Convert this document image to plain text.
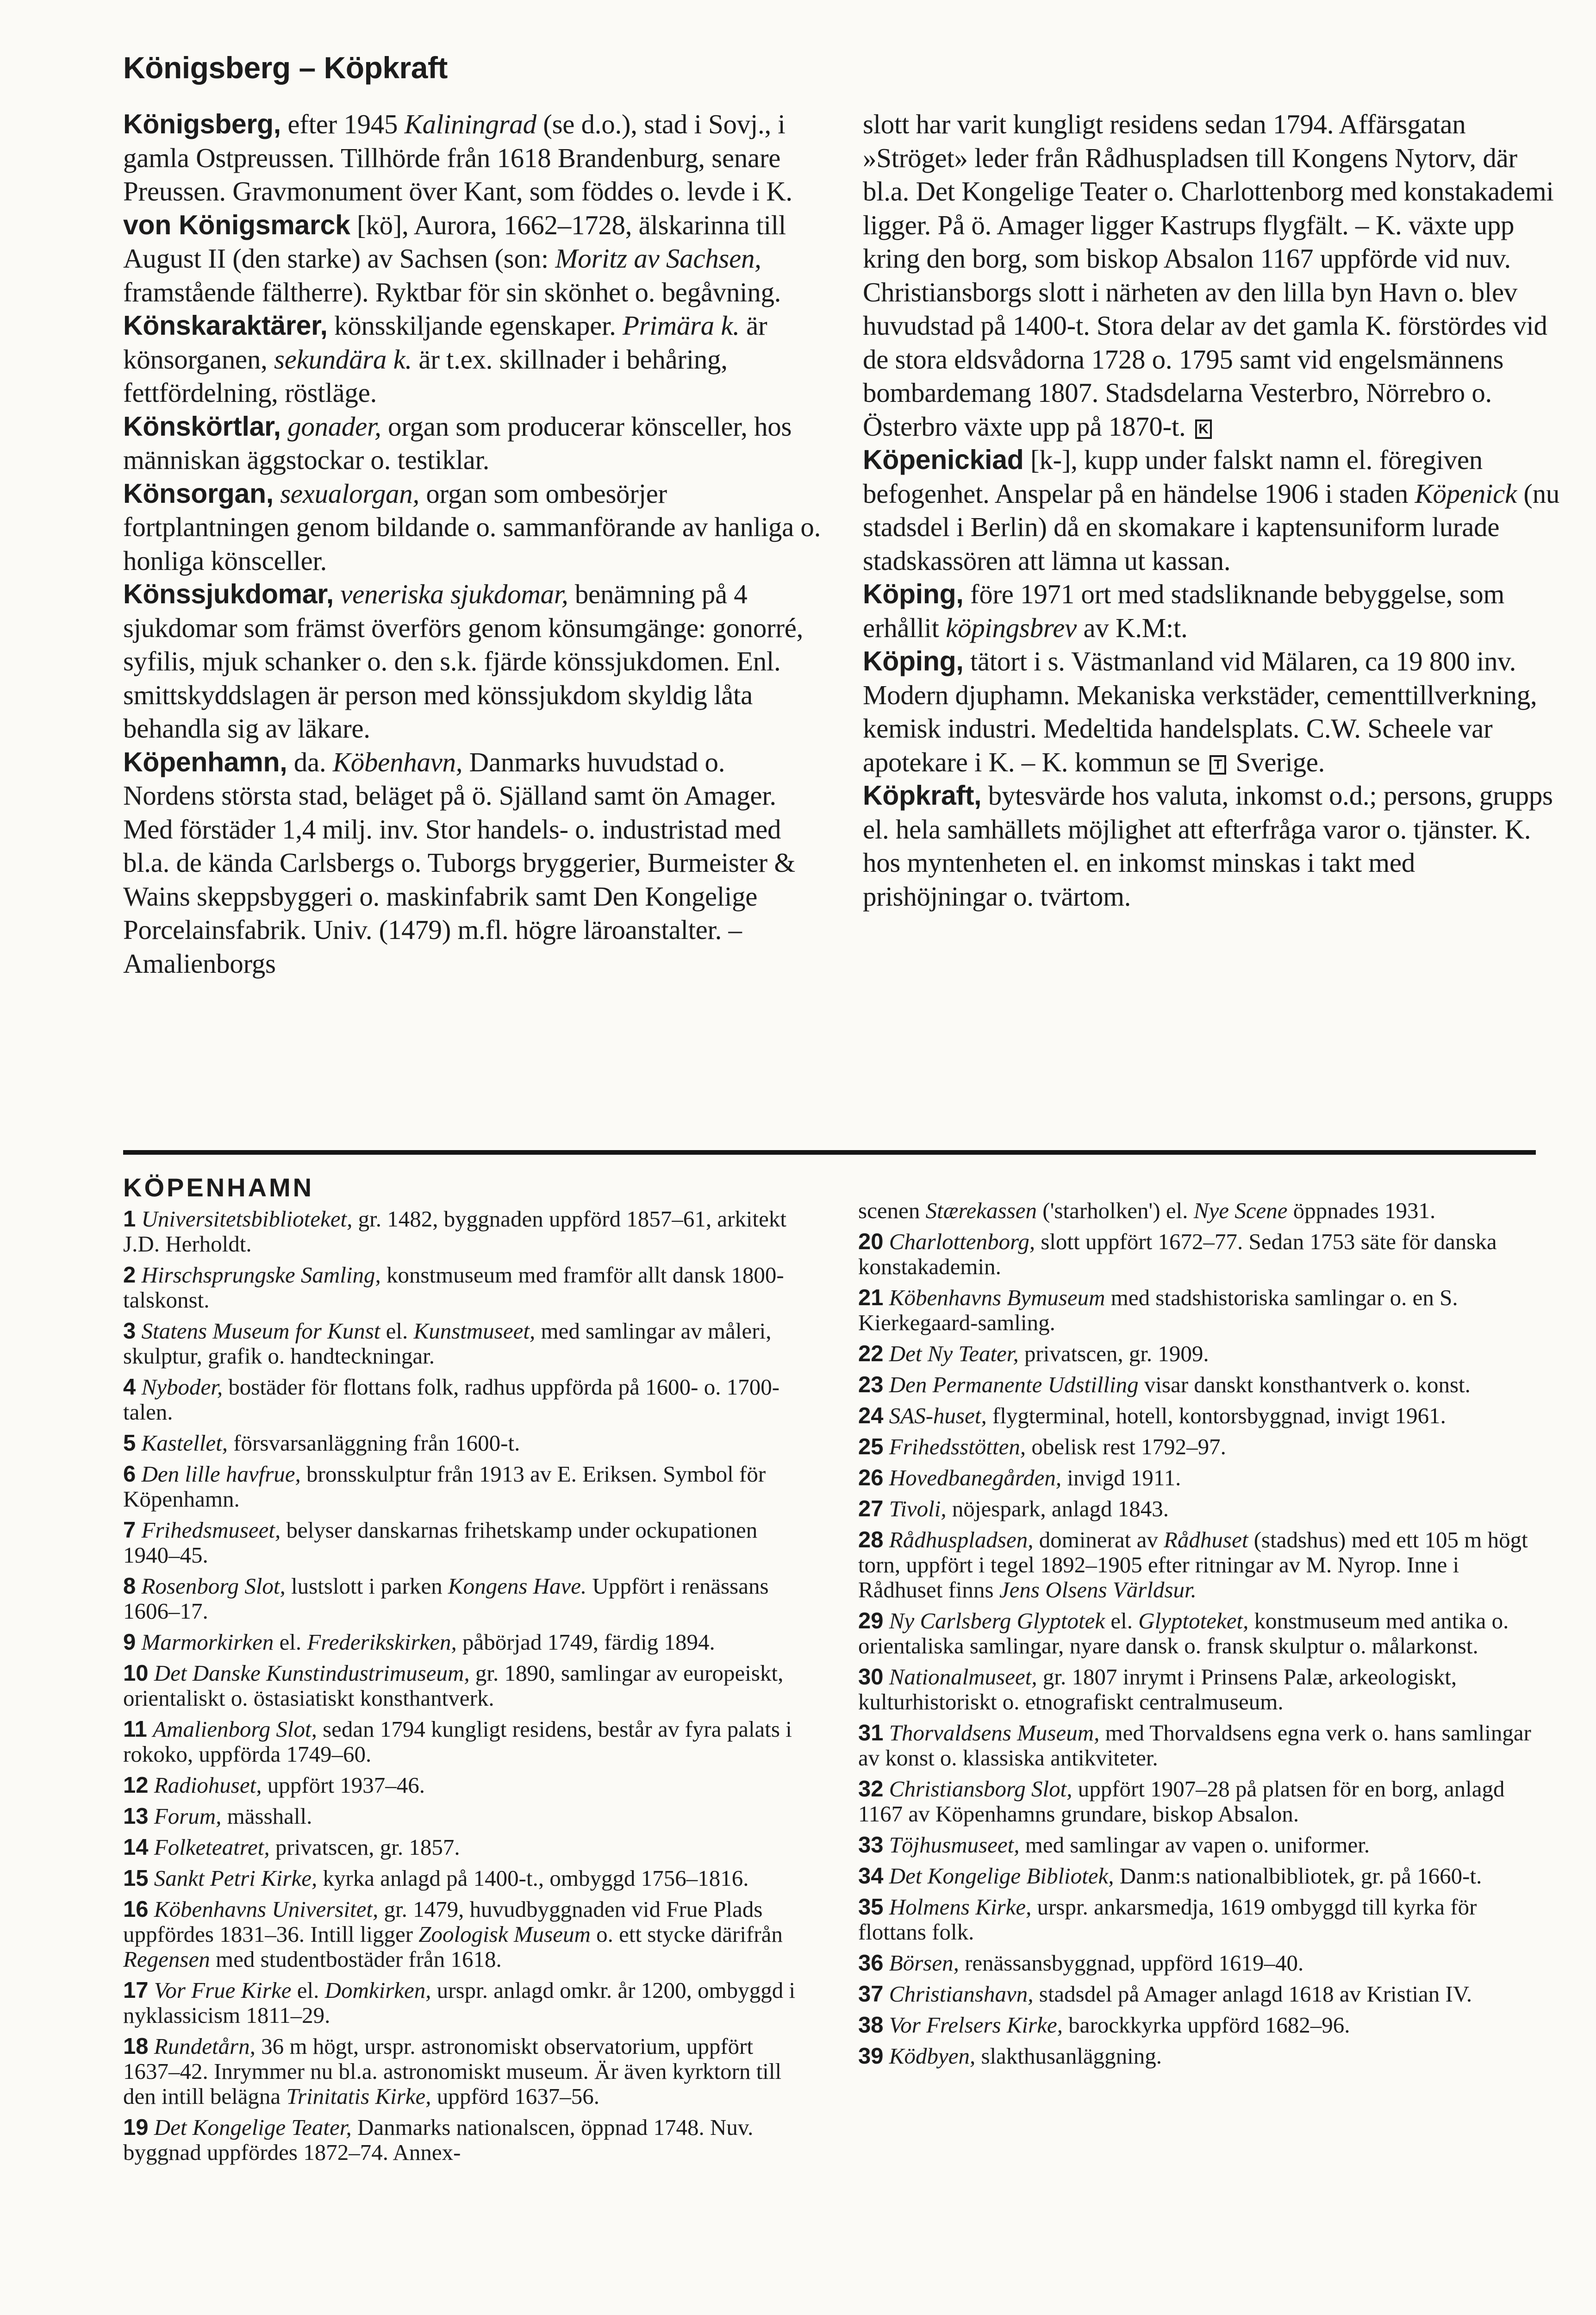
Königsberg – Köpkraft

Königsberg, efter 1945 Kaliningrad (se d.o.), stad i Sovj., i gamla Ostpreussen. Tillhörde från 1618 Brandenburg, senare Preussen. Gravmonument över Kant, som föddes o. levde i K.

von Königsmarck [kö], Aurora, 1662–1728, älskarinna till August II (den starke) av Sachsen (son: Moritz av Sachsen, framstående fältherre). Ryktbar för sin skönhet o. begåvning.

Könskaraktärer, könsskiljande egenskaper. Primära k. är könsorganen, sekundära k. är t.ex. skillnader i behåring, fettfördelning, röstläge.

Könskörtlar, gonader, organ som producerar könsceller, hos människan äggstockar o. testiklar.

Könsorgan, sexualorgan, organ som ombesörjer fortplantningen genom bildande o. sammanförande av hanliga o. honliga könsceller.

Könssjukdomar, veneriska sjukdomar, benämning på 4 sjukdomar som främst överförs genom könsumgänge: gonorré, syfilis, mjuk schanker o. den s.k. fjärde könssjukdomen. Enl. smittskyddslagen är person med könssjukdom skyldig låta behandla sig av läkare.

Köpenhamn, da. Köbenhavn, Danmarks huvudstad o. Nordens största stad, beläget på ö. Själland samt ön Amager. Med förstäder 1,4 milj. inv. Stor handels- o. industristad med bl.a. de kända Carlsbergs o. Tuborgs bryggerier, Burmeister & Wains skeppsbyggeri o. maskinfabrik samt Den Kongelige Porcelainsfabrik. Univ. (1479) m.fl. högre läroanstalter. – Amalienborgs

slott har varit kungligt residens sedan 1794. Affärsgatan »Ströget» leder från Rådhuspladsen till Kongens Nytorv, där bl.a. Det Kongelige Teater o. Charlottenborg med konstakademi ligger. På ö. Amager ligger Kastrups flygfält. – K. växte upp kring den borg, som biskop Absalon 1167 uppförde vid nuv. Christiansborgs slott i närheten av den lilla byn Havn o. blev huvudstad på 1400-t. Stora delar av det gamla K. förstördes vid de stora eldsvådorna 1728 o. 1795 samt vid engelsmännens bombardemang 1807. Stadsdelarna Vesterbro, Nörrebro o. Österbro växte upp på 1870-t. K

Köpenickiad [k-], kupp under falskt namn el. föregiven befogenhet. Anspelar på en händelse 1906 i staden Köpenick (nu stadsdel i Berlin) då en skomakare i kaptensuniform lurade stadskassören att lämna ut kassan.

Köping, före 1971 ort med stadsliknande bebyggelse, som erhållit köpingsbrev av K.M:t.

Köping, tätort i s. Västmanland vid Mälaren, ca 19 800 inv. Modern djuphamn. Mekaniska verkstäder, cementtillverkning, kemisk industri. Medeltida handelsplats. C.W. Scheele var apotekare i K. – K. kommun se T Sverige.

Köpkraft, bytesvärde hos valuta, inkomst o.d.; persons, grupps el. hela samhällets möjlighet att efterfråga varor o. tjänster. K. hos myntenheten el. en inkomst minskas i takt med prishöjningar o. tvärtom.

KÖPENHAMN

1 Universitetsbiblioteket, gr. 1482, byggnaden uppförd 1857–61, arkitekt J.D. Herholdt.

2 Hirschsprungske Samling, konstmuseum med framför allt dansk 1800-talskonst.

3 Statens Museum for Kunst el. Kunstmuseet, med samlingar av måleri, skulptur, grafik o. handteckningar.

4 Nyboder, bostäder för flottans folk, radhus uppförda på 1600- o. 1700-talen.

5 Kastellet, försvarsanläggning från 1600-t.

6 Den lille havfrue, bronsskulptur från 1913 av E. Eriksen. Symbol för Köpenhamn.

7 Frihedsmuseet, belyser danskarnas frihetskamp under ockupationen 1940–45.

8 Rosenborg Slot, lustslott i parken Kongens Have. Uppfört i renässans 1606–17.

9 Marmorkirken el. Frederikskirken, påbörjad 1749, färdig 1894.

10 Det Danske Kunstindustrimuseum, gr. 1890, samlingar av europeiskt, orientaliskt o. östasiatiskt konsthantverk.

11 Amalienborg Slot, sedan 1794 kungligt residens, består av fyra palats i rokoko, uppförda 1749–60.

12 Radiohuset, uppfört 1937–46.

13 Forum, mässhall.

14 Folketeatret, privatscen, gr. 1857.

15 Sankt Petri Kirke, kyrka anlagd på 1400-t., ombyggd 1756–1816.

16 Köbenhavns Universitet, gr. 1479, huvudbyggnaden vid Frue Plads uppfördes 1831–36. Intill ligger Zoologisk Museum o. ett stycke därifrån Regensen med studentbostäder från 1618.

17 Vor Frue Kirke el. Domkirken, urspr. anlagd omkr. år 1200, ombyggd i nyklassicism 1811–29.

18 Rundetårn, 36 m högt, urspr. astronomiskt observatorium, uppfört 1637–42. Inrymmer nu bl.a. astronomiskt museum. Är även kyrktorn till den intill belägna Trinitatis Kirke, uppförd 1637–56.

19 Det Kongelige Teater, Danmarks nationalscen, öppnad 1748. Nuv. byggnad uppfördes 1872–74. Annex-

scenen Stærekassen ('starholken') el. Nye Scene öppnades 1931.

20 Charlottenborg, slott uppfört 1672–77. Sedan 1753 säte för danska konstakademin.

21 Köbenhavns Bymuseum med stadshistoriska samlingar o. en S. Kierkegaard-samling.

22 Det Ny Teater, privatscen, gr. 1909.

23 Den Permanente Udstilling visar danskt konsthantverk o. konst.

24 SAS-huset, flygterminal, hotell, kontorsbyggnad, invigt 1961.

25 Frihedsstötten, obelisk rest 1792–97.

26 Hovedbanegården, invigd 1911.

27 Tivoli, nöjespark, anlagd 1843.

28 Rådhuspladsen, dominerat av Rådhuset (stadshus) med ett 105 m högt torn, uppfört i tegel 1892–1905 efter ritningar av M. Nyrop. Inne i Rådhuset finns Jens Olsens Världsur.

29 Ny Carlsberg Glyptotek el. Glyptoteket, konstmuseum med antika o. orientaliska samlingar, nyare dansk o. fransk skulptur o. målarkonst.

30 Nationalmuseet, gr. 1807 inrymt i Prinsens Palæ, arkeologiskt, kulturhistoriskt o. etnografiskt centralmuseum.

31 Thorvaldsens Museum, med Thorvaldsens egna verk o. hans samlingar av konst o. klassiska antikviteter.

32 Christiansborg Slot, uppfört 1907–28 på platsen för en borg, anlagd 1167 av Köpenhamns grundare, biskop Absalon.

33 Töjhusmuseet, med samlingar av vapen o. uniformer.

34 Det Kongelige Bibliotek, Danm:s nationalbibliotek, gr. på 1660-t.

35 Holmens Kirke, urspr. ankarsmedja, 1619 ombyggd till kyrka för flottans folk.

36 Börsen, renässansbyggnad, uppförd 1619–40.

37 Christianshavn, stadsdel på Amager anlagd 1618 av Kristian IV.

38 Vor Frelsers Kirke, barockkyrka uppförd 1682–96.

39 Ködbyen, slakthusanläggning.
